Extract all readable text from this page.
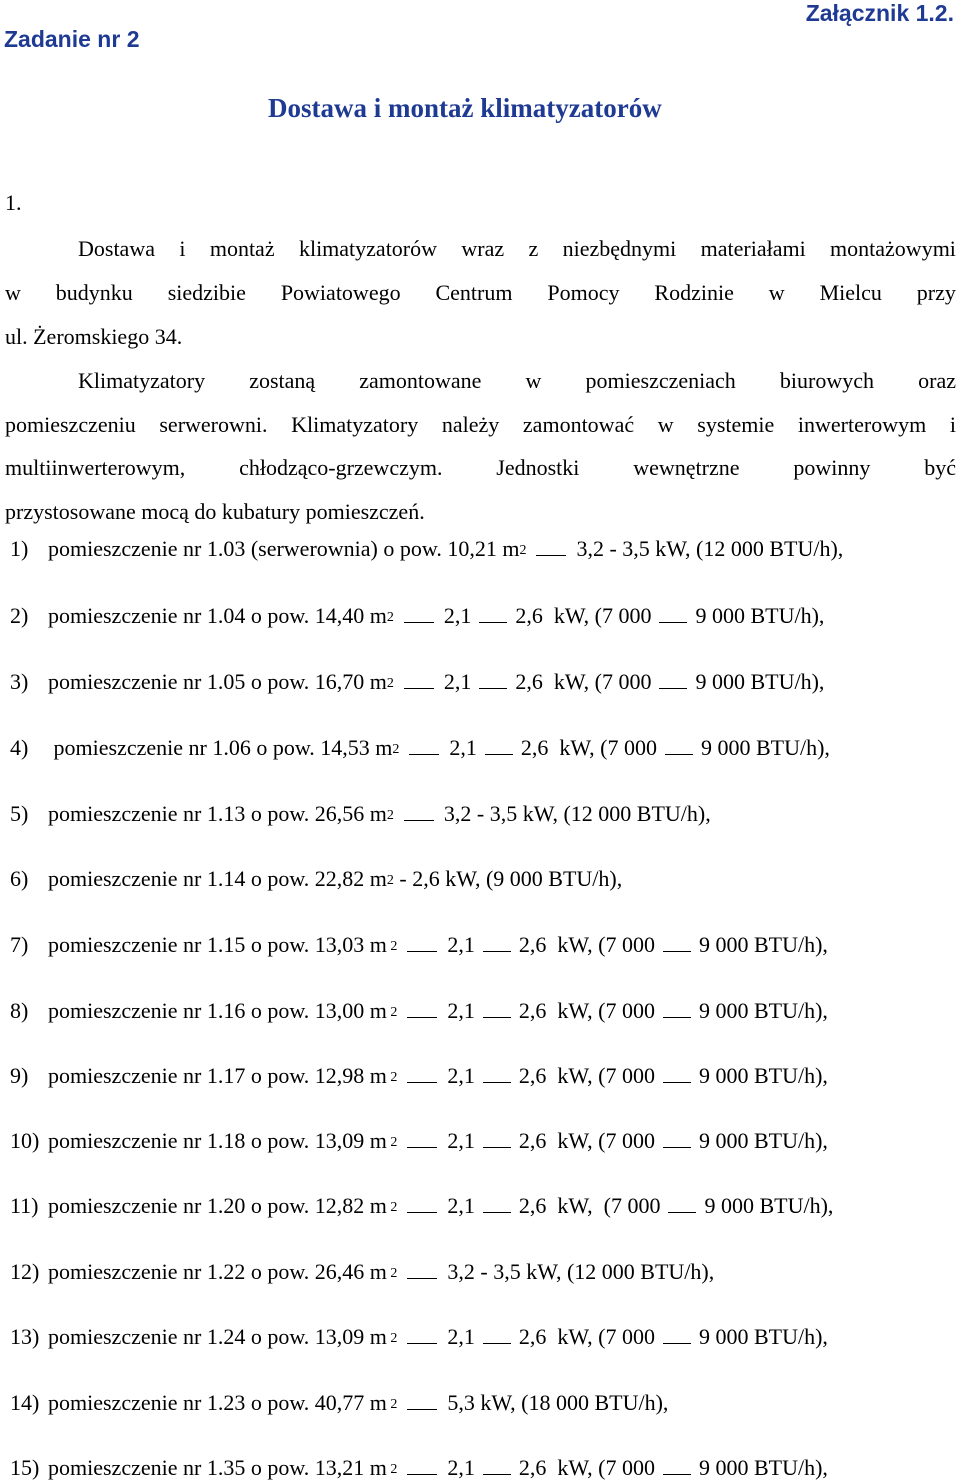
Zadanie nr 2
Załącznik 1.2.
Dostawa i montaż klimatyzatorów
1.
Dostawa i montaż klimatyzatorów wraz z niezbędnymi materiałami montażowymi
w budynku siedzibie Powiatowego Centrum Pomocy Rodzinie w Mielcu przy
ul. Żeromskiego 34.
Klimatyzatory zostaną zamontowane w pomieszczeniach biurowych oraz
pomieszczeniu serwerowni. Klimatyzatory należy zamontować w systemie inwerterowym i
multiinwerterowym, chłodząco-grzewczym. Jednostki wewnętrzne powinny być
przystosowane mocą do kubatury pomieszczeń.
1) pomieszczenie nr 1.03 (serwerownia) o pow. 10,21 $m^2$ 3,2 - 3,5 kW, (12 000 BTU/h),
2) pomieszczenie nr 1.04 o pow. 14,40 $m^2$ 2,1 2,6  kW, (7 000 9 000 BTU/h),
3) pomieszczenie nr 1.05 o pow. 16,70 $m^2$ 2,1 2,6  kW, (7 000 9 000 BTU/h),
4) pomieszczenie nr 1.06 o pow. 14,53 $m^2$ 2,1 2,6  kW, (7 000 9 000 BTU/h),
5) pomieszczenie nr 1.13 o pow. 26,56 $m^2$ 3,2 - 3,5 kW, (12 000 BTU/h),
6) pomieszczenie nr 1.14 o pow. 22,82 $m^2 - 2,6$ kW, (9 000 BTU/h),
7) pomieszczenie nr 1.15 o pow. 13,03 m $^2$ 2,1 2,6  kW, (7 000 9 000 BTU/h),
8) pomieszczenie nr 1.16 o pow. 13,00 m $^2$ 2,1 2,6  kW, (7 000 9 000 BTU/h),
9) pomieszczenie nr 1.17 o pow. 12,98 m $^2$ 2,1 2,6  kW, (7 000 9 000 BTU/h),
10) pomieszczenie nr 1.18 o pow. 13,09 m $^2$ 2,1 2,6  kW, (7 000 9 000 BTU/h),
11) pomieszczenie nr 1.20 o pow. 12,82 m $^2$ 2,1 2,6  kW,  (7 000 9 000 BTU/h),
12) pomieszczenie nr 1.22 o pow. 26,46 m $^2$ 3,2 - 3,5 kW, (12 000 BTU/h),
13) pomieszczenie nr 1.24 o pow. 13,09 m $^2$ 2,1 2,6  kW, (7 000 9 000 BTU/h),
14) pomieszczenie nr 1.23 o pow. 40,77 m $^2$ 5,3 kW, (18 000 BTU/h),
15) pomieszczenie nr 1.35 o pow. 13,21 m $^2$ 2,1 2,6  kW, (7 000 9 000 BTU/h),
